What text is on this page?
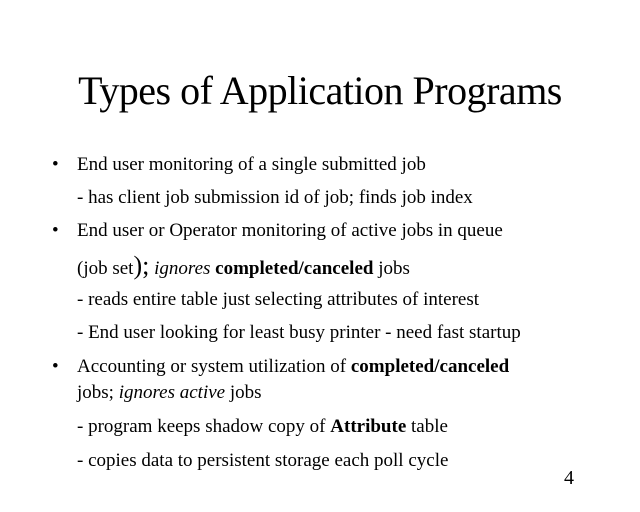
Types of Application Programs
• End user monitoring of a single submitted job
- has client job submission id of job; finds job index
• End user or Operator monitoring of active jobs in queue
(job set); ignores completed/canceled jobs
- reads entire table just selecting attributes of interest
- End user looking for least busy printer - need fast startup
• Accounting or system utilization of completed/canceled
jobs; ignores active jobs
- program keeps shadow copy of Attribute table
- copies data to persistent storage each poll cycle
4
